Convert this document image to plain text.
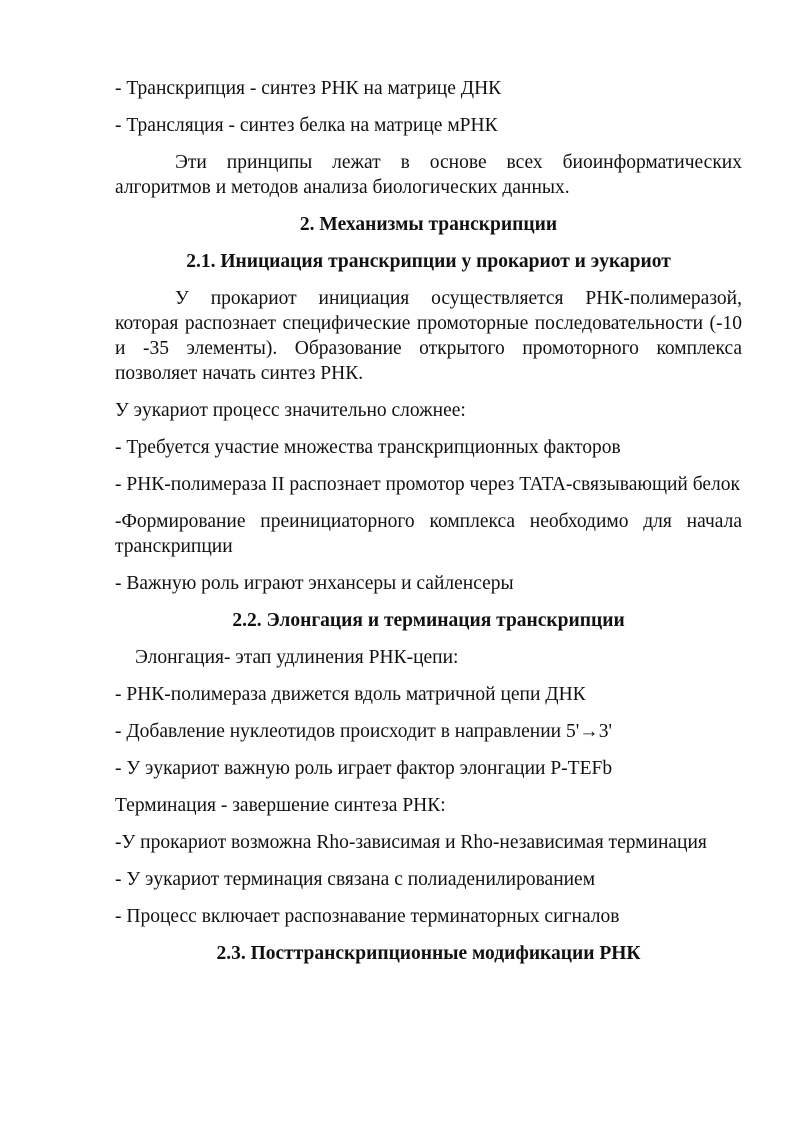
- Транскрипция - синтез РНК на матрице ДНК

- Трансляция - синтез белка на матрице мРНК

Эти принципы лежат в основе всех биоинформатических алгоритмов и методов анализа биологических данных.

2. Механизмы транскрипции

2.1. Инициация транскрипции у прокариот и эукариот

У прокариот инициация осуществляется РНК-полимеразой, которая распознает специфические промоторные последовательности (-10 и -35 элементы). Образование открытого промоторного комплекса позволяет начать синтез РНК.

У эукариот процесс значительно сложнее:

- Требуется участие множества транскрипционных факторов

- РНК-полимераза II распознает промотор через TATA-связывающий белок

-Формирование преинициаторного комплекса необходимо для начала транскрипции

- Важную роль играют энхансеры и сайленсеры

2.2. Элонгация и терминация транскрипции

Элонгация- этап удлинения РНК-цепи:

- РНК-полимераза движется вдоль матричной цепи ДНК

- Добавление нуклеотидов происходит в направлении 5'→3'

- У эукариот важную роль играет фактор элонгации P-TEFb

Терминация - завершение синтеза РНК:

-У прокариот возможна Rho-зависимая и Rho-независимая терминация

- У эукариот терминация связана с полиаденилированием

- Процесс включает распознавание терминаторных сигналов

2.3. Посттранскрипционные модификации РНК
